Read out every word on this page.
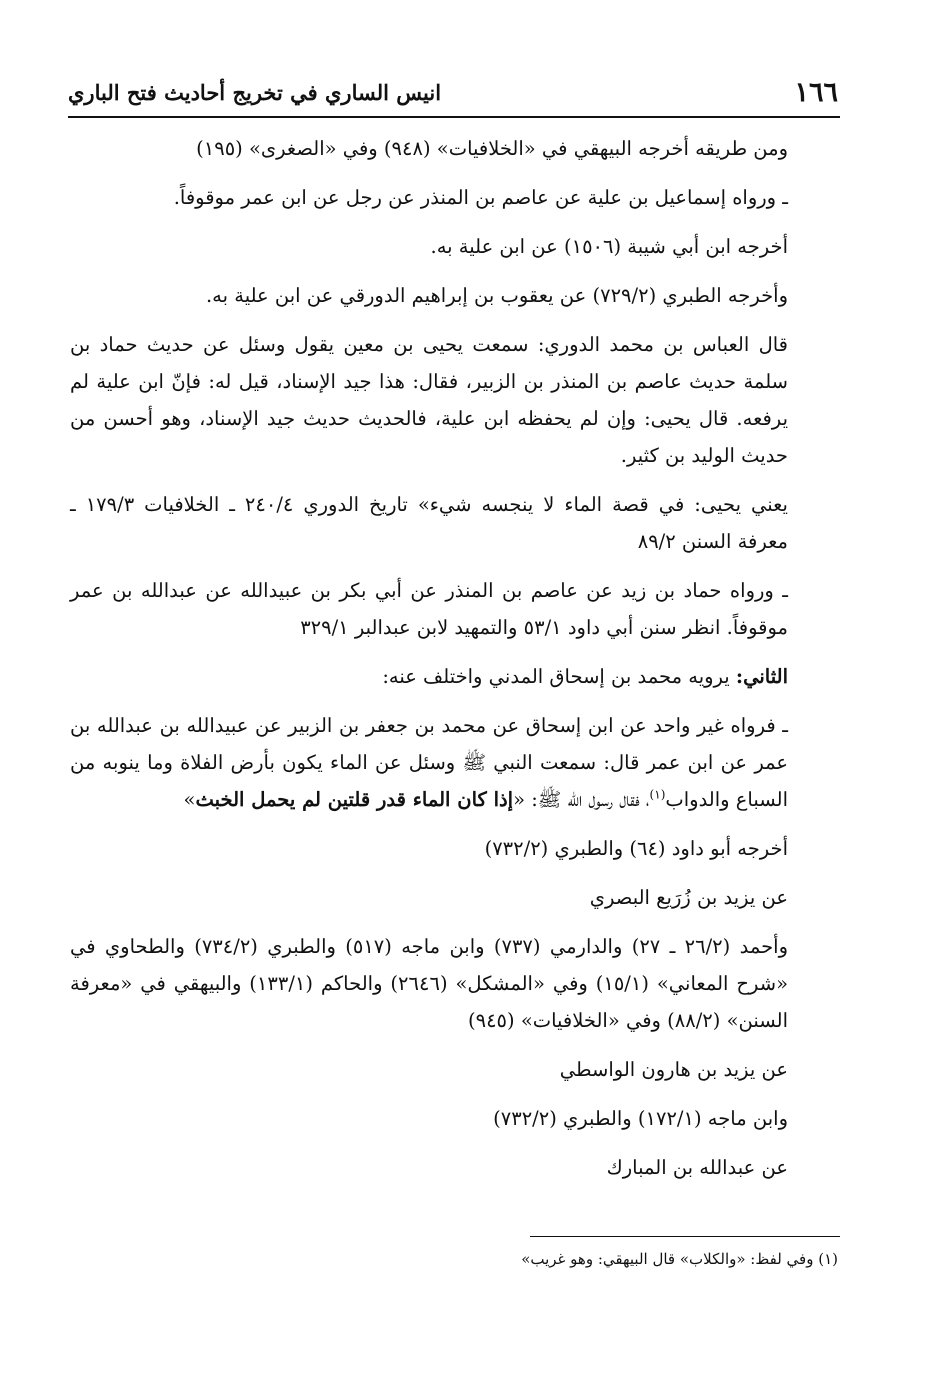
١٦٦
انيس الساري في تخريج أحاديث فتح الباري

ومن طريقه أخرجه البيهقي في «الخلافيات» (٩٤٨) وفي «الصغرى» (١٩٥)

ـ ورواه إسماعيل بن علية عن عاصم بن المنذر عن رجل عن ابن عمر موقوفاً.

أخرجه ابن أبي شيبة (١٥٠٦) عن ابن علية به.

وأخرجه الطبري (٧٢٩/٢) عن يعقوب بن إبراهيم الدورقي عن ابن علية به.

قال العباس بن محمد الدوري: سمعت يحيى بن معين يقول وسئل عن حديث حماد بن سلمة حديث عاصم بن المنذر بن الزبير، فقال: هذا جيد الإسناد، قيل له: فإنّ ابن علية لم يرفعه. قال يحيى: وإن لم يحفظه ابن علية، فالحديث حديث جيد الإسناد، وهو أحسن من حديث الوليد بن كثير.

يعني يحيى: في قصة الماء لا ينجسه شيء» تاريخ الدوري ٢٤٠/٤ ـ الخلافيات ١٧٩/٣ ـ معرفة السنن ٨٩/٢

ـ ورواه حماد بن زيد عن عاصم بن المنذر عن أبي بكر بن عبيدالله عن عبدالله بن عمر موقوفاً. انظر سنن أبي داود ٥٣/١ والتمهيد لابن عبدالبر ٣٢٩/١

الثاني: يرويه محمد بن إسحاق المدني واختلف عنه:

ـ فرواه غير واحد عن ابن إسحاق عن محمد بن جعفر بن الزبير عن عبيدالله بن عبدالله بن عمر عن ابن عمر قال: سمعت النبي ﷺ وسئل عن الماء يكون بأرض الفلاة وما ينوبه من السباع والدواب$^{(١)}$، فقال رسول الله ﷺ: «إذا كان الماء قدر قلتين لم يحمل الخبث»

أخرجه أبو داود (٦٤) والطبري (٧٣٢/٢)

عن يزيد بن زُرَيع البصري

وأحمد (٢٦/٢ ـ ٢٧) والدارمي (٧٣٧) وابن ماجه (٥١٧) والطبري (٧٣٤/٢) والطحاوي في «شرح المعاني» (١٥/١) وفي «المشكل» (٢٦٤٦) والحاكم (١٣٣/١) والبيهقي في «معرفة السنن» (٨٨/٢) وفي «الخلافيات» (٩٤٥)

عن يزيد بن هارون الواسطي

وابن ماجه (١٧٢/١) والطبري (٧٣٢/٢)

عن عبدالله بن المبارك

(١) وفي لفظ: «والكلاب» قال البيهقي: وهو غريب»
